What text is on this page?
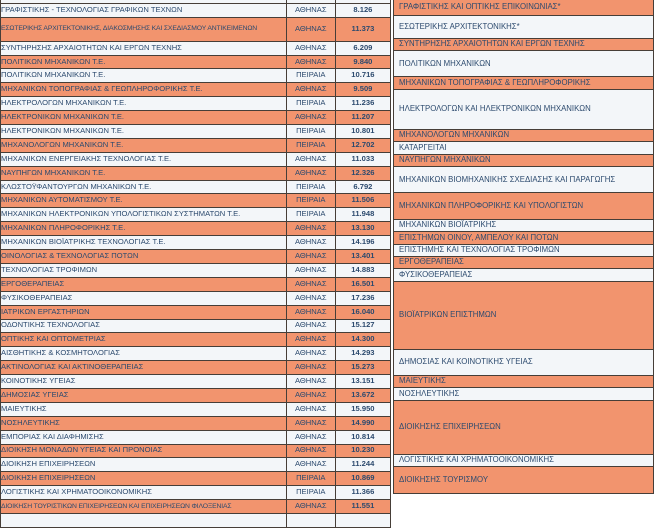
ΓΡΑΦΙΣΤΙΚΗΣ - ΤΕΧΝΟΛΟΓΙΑΣ ΓΡΑΦΙΚΩΝ ΤΕΧΝΩΝ	ΑΘΗΝΑΣ	8.126
ΕΣΩΤΕΡΙΚΗΣ ΑΡΧΙΤΕΚΤΟΝΙΚΗΣ, ΔΙΑΚΟΣΜΗΣΗΣ ΚΑΙ ΣΧΕΔΙΑΣΜΟΥ ΑΝΤΙΚΕΙΜΕΝΩΝ	ΑΘΗΝΑΣ	11.373
ΣΥΝΤΗΡΗΣΗΣ ΑΡΧΑΙΟΤΗΤΩΝ ΚΑΙ ΕΡΓΩΝ ΤΕΧΝΗΣ	ΑΘΗΝΑΣ	6.209
ΠΟΛΙΤΙΚΩΝ ΜΗΧΑΝΙΚΩΝ Τ.Ε.	ΑΘΗΝΑΣ	9.840
ΠΟΛΙΤΙΚΩΝ ΜΗΧΑΝΙΚΩΝ Τ.Ε.	ΠΕΙΡΑΙΑ	10.716
ΜΗΧΑΝΙΚΩΝ ΤΟΠΟΓΡΑΦΙΑΣ & ΓΕΩΠΛΗΡΟΦΟΡΙΚΗΣ Τ.Ε.	ΑΘΗΝΑΣ	9.509
ΗΛΕΚΤΡΟΛΟΓΩΝ ΜΗΧΑΝΙΚΩΝ Τ.Ε.	ΠΕΙΡΑΙΑ	11.236
ΗΛΕΚΤΡΟΝΙΚΩΝ ΜΗΧΑΝΙΚΩΝ Τ.Ε.	ΑΘΗΝΑΣ	11.207
ΗΛΕΚΤΡΟΝΙΚΩΝ ΜΗΧΑΝΙΚΩΝ Τ.Ε.	ΠΕΙΡΑΙΑ	10.801
ΜΗΧΑΝΟΛΟΓΩΝ ΜΗΧΑΝΙΚΩΝ Τ.Ε.	ΠΕΙΡΑΙΑ	12.702
ΜΗΧΑΝΙΚΩΝ ΕΝΕΡΓΕΙΑΚΗΣ ΤΕΧΝΟΛΟΓΙΑΣ Τ.Ε.	ΑΘΗΝΑΣ	11.033
ΝΑΥΠΗΓΩΝ ΜΗΧΑΝΙΚΩΝ Τ.Ε.	ΑΘΗΝΑΣ	12.326
ΚΛΩΣΤΟΫΦΑΝΤΟΥΡΓΩΝ ΜΗΧΑΝΙΚΩΝ Τ.Ε.	ΠΕΙΡΑΙΑ	6.792
ΜΗΧΑΝΙΚΩΝ ΑΥΤΟΜΑΤΙΣΜΟΥ Τ.Ε.	ΠΕΙΡΑΙΑ	11.506
ΜΗΧΑΝΙΚΩΝ ΗΛΕΚΤΡΟΝΙΚΩΝ ΥΠΟΛΟΓΙΣΤΙΚΩΝ ΣΥΣΤΗΜΑΤΩΝ Τ.Ε.	ΠΕΙΡΑΙΑ	11.948
ΜΗΧΑΝΙΚΩΝ ΠΛΗΡΟΦΟΡΙΚΗΣ Τ.Ε.	ΑΘΗΝΑΣ	13.130
ΜΗΧΑΝΙΚΩΝ ΒΙΟΪΑΤΡΙΚΗΣ ΤΕΧΝΟΛΟΓΙΑΣ Τ.Ε.	ΑΘΗΝΑΣ	14.196
ΟΙΝΟΛΟΓΙΑΣ & ΤΕΧΝΟΛΟΓΙΑΣ ΠΟΤΩΝ	ΑΘΗΝΑΣ	13.401
ΤΕΧΝΟΛΟΓΙΑΣ ΤΡΟΦΙΜΩΝ	ΑΘΗΝΑΣ	14.883
ΕΡΓΟΘΕΡΑΠΕΙΑΣ	ΑΘΗΝΑΣ	16.501
ΦΥΣΙΚΟΘΕΡΑΠΕΙΑΣ	ΑΘΗΝΑΣ	17.236
ΙΑΤΡΙΚΩΝ ΕΡΓΑΣΤΗΡΙΩΝ	ΑΘΗΝΑΣ	16.040
ΟΔΟΝΤΙΚΗΣ ΤΕΧΝΟΛΟΓΙΑΣ	ΑΘΗΝΑΣ	15.127
ΟΠΤΙΚΗΣ ΚΑΙ ΟΠΤΟΜΕΤΡΙΑΣ	ΑΘΗΝΑΣ	14.300
ΑΙΣΘΗΤΙΚΗΣ & ΚΟΣΜΗΤΟΛΟΓΙΑΣ	ΑΘΗΝΑΣ	14.293
ΑΚΤΙΝΟΛΟΓΙΑΣ ΚΑΙ ΑΚΤΙΝΟΘΕΡΑΠΕΙΑΣ	ΑΘΗΝΑΣ	15.273
ΚΟΙΝΟΤΙΚΗΣ ΥΓΕΙΑΣ	ΑΘΗΝΑΣ	13.151
ΔΗΜΟΣΙΑΣ ΥΓΕΙΑΣ	ΑΘΗΝΑΣ	13.672
ΜΑΙΕΥΤΙΚΗΣ	ΑΘΗΝΑΣ	15.950
ΝΟΣΗΛΕΥΤΙΚΗΣ	ΑΘΗΝΑΣ	14.990
ΕΜΠΟΡΙΑΣ ΚΑΙ ΔΙΑΦΗΜΙΣΗΣ	ΑΘΗΝΑΣ	10.814
ΔΙΟΙΚΗΣΗ ΜΟΝΑΔΩΝ ΥΓΕΙΑΣ ΚΑΙ ΠΡΟΝΟΙΑΣ	ΑΘΗΝΑΣ	10.230
ΔΙΟΙΚΗΣΗ ΕΠΙΧΕΙΡΗΣΕΩΝ	ΑΘΗΝΑΣ	11.244
ΔΙΟΙΚΗΣΗ ΕΠΙΧΕΙΡΗΣΕΩΝ	ΠΕΙΡΑΙΑ	10.869
ΛΟΓΙΣΤΙΚΗΣ ΚΑΙ ΧΡΗΜΑΤΟΟΙΚΟΝΟΜΙΚΗΣ	ΠΕΙΡΑΙΑ	11.366
ΔΙΟΙΚΗΣΗ ΤΟΥΡΙΣΤΙΚΩΝ ΕΠΙΧΕΙΡΗΣΕΩΝ ΚΑΙ ΕΠΙΧΕΙΡΗΣΕΩΝ ΦΙΛΟΞΕΝΙΑΣ	ΑΘΗΝΑΣ	11.551

ΓΡΑΦΙΣΤΙΚΗΣ ΚΑΙ ΟΠΤΙΚΗΣ ΕΠΙΚΟΙΝΩΝΙΑΣ*
ΕΣΩΤΕΡΙΚΗΣ ΑΡΧΙΤΕΚΤΟΝΙΚΗΣ*
ΣΥΝΤΗΡΗΣΗΣ ΑΡΧΑΙΟΤΗΤΩΝ ΚΑΙ ΕΡΓΩΝ ΤΕΧΝΗΣ
ΠΟΛΙΤΙΚΩΝ ΜΗΧΑΝΙΚΩΝ
ΜΗΧΑΝΙΚΩΝ ΤΟΠΟΓΡΑΦΙΑΣ & ΓΕΩΠΛΗΡΟΦΟΡΙΚΗΣ
ΗΛΕΚΤΡΟΛΟΓΩΝ ΚΑΙ ΗΛΕΚΤΡΟΝΙΚΩΝ ΜΗΧΑΝΙΚΩΝ
ΜΗΧΑΝΟΛΟΓΩΝ ΜΗΧΑΝΙΚΩΝ
ΚΑΤΑΡΓΕΙΤΑΙ
ΝΑΥΠΗΓΩΝ ΜΗΧΑΝΙΚΩΝ
ΜΗΧΑΝΙΚΩΝ ΒΙΟΜΗΧΑΝΙΚΗΣ ΣΧΕΔΙΑΣΗΣ ΚΑΙ ΠΑΡΑΓΩΓΗΣ
ΜΗΧΑΝΙΚΩΝ ΠΛΗΡΟΦΟΡΙΚΗΣ ΚΑΙ ΥΠΟΛΟΓΙΣΤΩΝ
ΜΗΧΑΝΙΚΩΝ ΒΙΟΪΑΤΡΙΚΗΣ
ΕΠΙΣΤΗΜΩΝ ΟΙΝΟΥ, ΑΜΠΕΛΟΥ ΚΑΙ ΠΟΤΩΝ
ΕΠΙΣΤΗΜΗΣ ΚΑΙ ΤΕΧΝΟΛΟΓΙΑΣ ΤΡΟΦΙΜΩΝ
ΕΡΓΟΘΕΡΑΠΕΙΑΣ
ΦΥΣΙΚΟΘΕΡΑΠΕΙΑΣ
ΒΙΟΪΑΤΡΙΚΩΝ ΕΠΙΣΤΗΜΩΝ
ΔΗΜΟΣΙΑΣ ΚΑΙ ΚΟΙΝΟΤΙΚΗΣ ΥΓΕΙΑΣ
ΜΑΙΕΥΤΙΚΗΣ
ΝΟΣΗΛΕΥΤΙΚΗΣ
ΔΙΟΙΚΗΣΗΣ ΕΠΙΧΕΙΡΗΣΕΩΝ
ΛΟΓΙΣΤΙΚΗΣ ΚΑΙ ΧΡΗΜΑΤΟΟΙΚΟΝΟΜΙΚΗΣ
ΔΙΟΙΚΗΣΗΣ ΤΟΥΡΙΣΜΟΥ
